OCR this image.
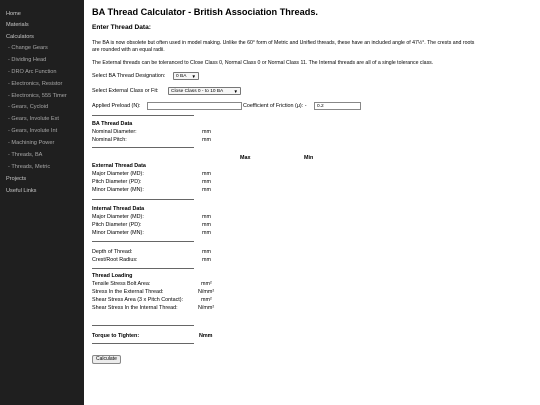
Home
Materials
Calculators
- Change Gears
- Dividing Head
- DRO Arc Function
- Electronics, Resistor
- Electronics, 555 Timer
- Gears, Cycloid
- Gears, Involute Ext
- Gears, Involute Int
- Machining Power
- Threads, BA
- Threads, Metric
Projects
Useful Links
BA Thread Calculator - British Association Threads.
Enter Thread Data:
The BA is now obsolete but often used in model making. Unlike the 60° form of Metric and Unified threads, these have an included angle of 47½°. The crests and roots
are rounded with an equal radii.
The External threads can be toleranced to Close Class 0, Normal Class 0 or Normal Class 11. The Internal threads are all of a single tolerance class.
Select BA Thread Designation:	0 BA ▼
Select External Class or Fit:	Close Class 0 - to 10 BA ▼
Applied Preload (N):	Coefficient of Friction (μ): -	0.2
BA Thread Data
Nominal Diameter:	mm
Nominal Pitch:	mm
Max	Min
External Thread Data
Major Diameter (MD):	mm
Pitch Diameter (PD):	mm
Minor Diameter (MN):	mm
Internal Thread Data
Major Diameter (MD):	mm
Pitch Diameter (PD):	mm
Minor Diameter (MN):	mm
Depth of Thread:	mm
Crest/Root Radius:	mm
Thread Loading
Tensile Stress Bolt Area:	mm²
Stress In the External Thread:	N/mm²
Shear Stress Area (3 x Pitch Contact):	mm²
Shear Stress In the Internal Thread:	N/mm²
Torque to Tighten:	Nmm
Calculate
